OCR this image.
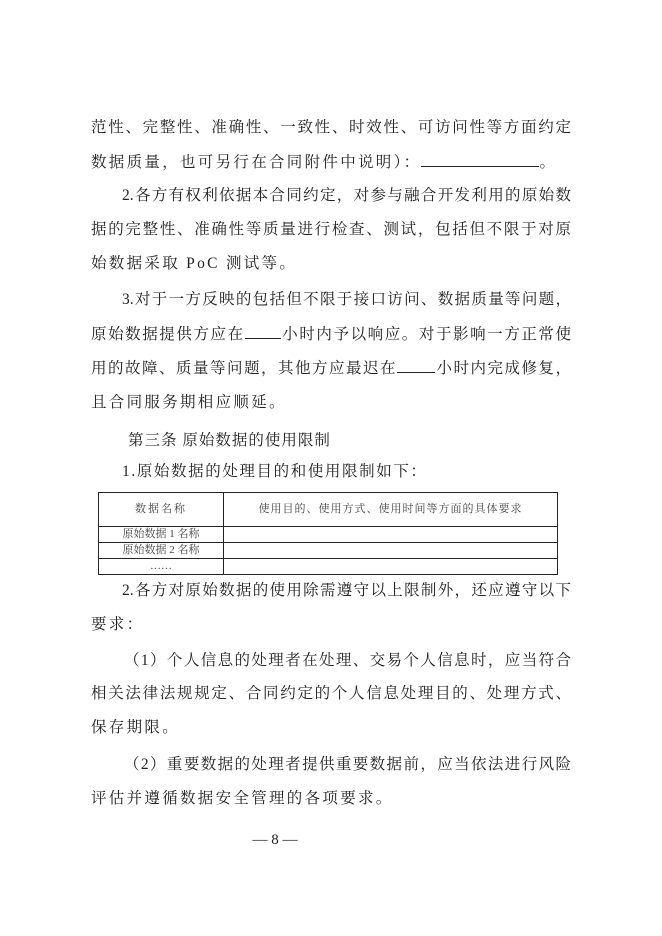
范性、完整性、准确性、一致性、时效性、可访问性等方面约定
数据质量，也可另行在合同附件中说明）：	。
2.各方有权利依据本合同约定，对参与融合开发利用的原始数
据的完整性、准确性等质量进行检查、测试，包括但不限于对原
始数据采取 PoC 测试等。
3.对于一方反映的包括但不限于接口访问、数据质量等问题，
原始数据提供方应在 小时内予以响应。对于影响一方正常使
用的故障、质量等问题，其他方应最迟在 小时内完成修复，
且合同服务期相应顺延。
第三条 原始数据的使用限制
1.原始数据的处理目的和使用限制如下：
数据名称	使用目的、使用方式、使用时间等方面的具体要求
原始数据 1 名称	
原始数据 2 名称	
……	
2.各方对原始数据的使用除需遵守以上限制外，还应遵守以下
要求：
（1）个人信息的处理者在处理、交易个人信息时，应当符合
相关法律法规规定、合同约定的个人信息处理目的、处理方式、
保存期限。
（2）重要数据的处理者提供重要数据前，应当依法进行风险
评估并遵循数据安全管理的各项要求。
— 8 —
